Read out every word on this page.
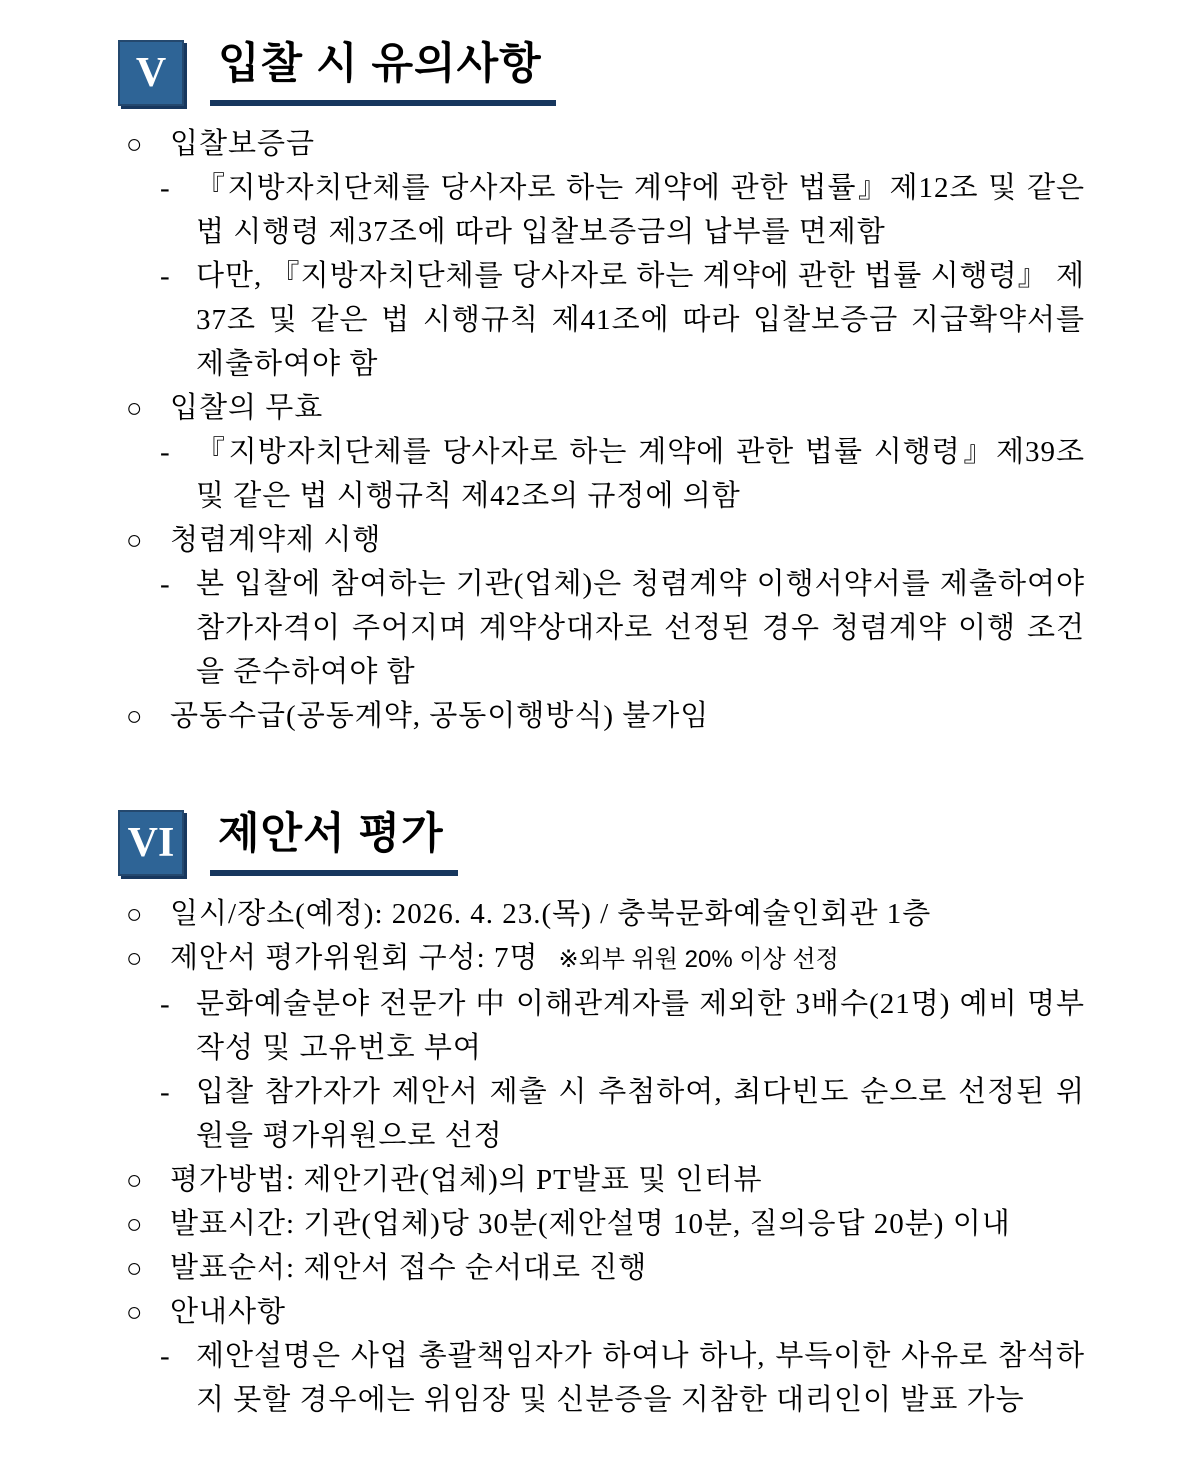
V	입찰 시 유의사항
○ 입찰보증금
- 『지방자치단체를 당사자로 하는 계약에 관한 법률』제12조 및 같은 법 시행령 제37조에 따라 입찰보증금의 납부를 면제함
- 다만, 『지방자치단체를 당사자로 하는 계약에 관한 법률 시행령』 제37조 및 같은 법 시행규칙 제41조에 따라 입찰보증금 지급확약서를 제출하여야 함
○ 입찰의 무효
- 『지방자치단체를 당사자로 하는 계약에 관한 법률 시행령』제39조 및 같은 법 시행규칙 제42조의 규정에 의함
○ 청렴계약제 시행
- 본 입찰에 참여하는 기관(업체)은 청렴계약 이행서약서를 제출하여야 참가자격이 주어지며 계약상대자로 선정된 경우 청렴계약 이행 조건을 준수하여야 함
○ 공동수급(공동계약, 공동이행방식) 불가임
VI 제안서 평가
○ 일시/장소(예정): 2026. 4. 23.(목) / 충북문화예술인회관 1층
○ 제안서 평가위원회 구성: 7명 ※외부 위원 20% 이상 선정
- 문화예술분야 전문가 中 이해관계자를 제외한 3배수(21명) 예비 명부 작성 및 고유번호 부여
- 입찰 참가자가 제안서 제출 시 추첨하여, 최다빈도 순으로 선정된 위원을 평가위원으로 선정
○ 평가방법: 제안기관(업체)의 PT발표 및 인터뷰
○ 발표시간: 기관(업체)당 30분(제안설명 10분, 질의응답 20분) 이내
○ 발표순서: 제안서 접수 순서대로 진행
○ 안내사항
- 제안설명은 사업 총괄책임자가 하여나 하나, 부득이한 사유로 참석하지 못할 경우에는 위임장 및 신분증을 지참한 대리인이 발표 가능
